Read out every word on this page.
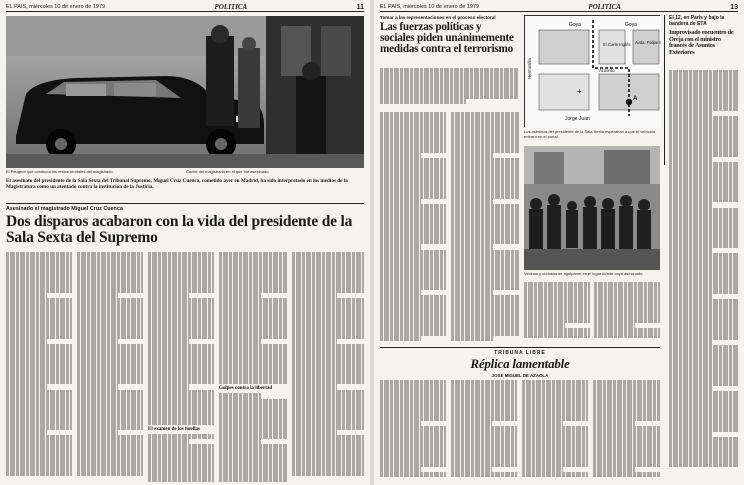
EL PAÍS, miércoles 10 de enero de 1979	POLITICA	11
El Peugeot que conducía los restos mortales del magistrado.	Coche del magistrado en el que fue asesinado.
El asesinato del presidente de la Sala Sexta del Tribunal Supremo, Miguel Cruz Cuenca, cometido ayer en Madrid, ha sido interpretado en los medios de la Magistratura como un atentado contra la institución de la Justicia.
Asesinado el magistrado Miguel Cruz Cuenca
Dos disparos acabaron con la vida del presidente de la Sala Sexta del Supremo
El examen de los huellas
Golpes contra la libertad
EL PAÍS, miércoles 10 de enero de 1979	POLITICA	13
Tomar a las representaciones en el proceso electoral
Las fuerzas políticas y sociales piden unánimemente medidas contra el terrorismo
Goya	Goya
Hermosilla
El Corte Inglés Avda. Felipe II
Acuerdo
Jorge Juan
A
+
Los asesinos del presidente de la Sala Sexta esperaban a que el vehículo entrara en el portal.
El 12, en París y bajo la bandera de ETA
Improvisado encuentro de Oreja con el ministro francés de Asuntos Exteriores
Vecinos y curiosos se agolparon en el lugar donde cayó asesinado.
TRIBUNA LIBRE
Réplica lamentable
JOSÉ MIGUEL DE AZAOLA
